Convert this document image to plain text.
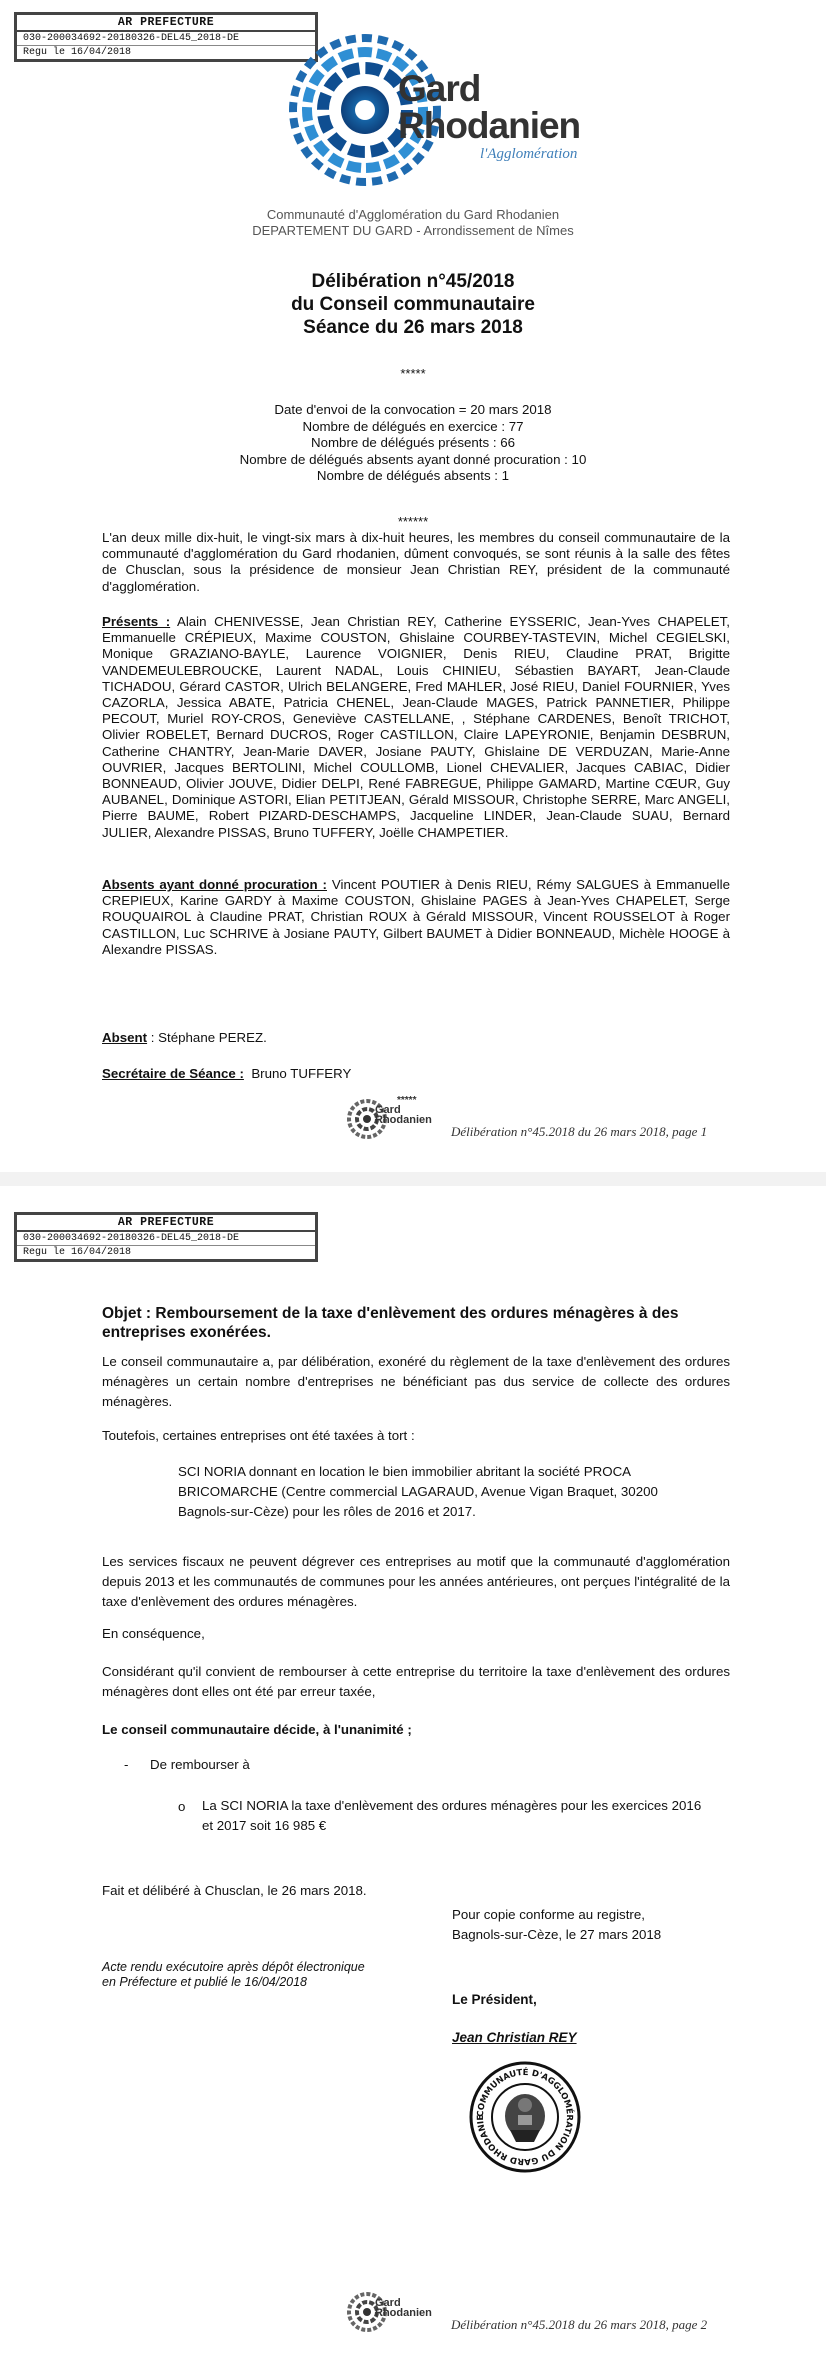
AR PREFECTURE
030-200034692-20180326-DEL45_2018-DE
Regu le 16/04/2018
Gard
Rhodanien
l'Agglomération
Communauté d'Agglomération du Gard Rhodanien
DEPARTEMENT DU GARD - Arrondissement de Nîmes
Délibération n°45/2018
du Conseil communautaire
Séance du 26 mars 2018
*****
Date d'envoi de la convocation = 20 mars 2018
Nombre de délégués en exercice : 77
Nombre de délégués présents : 66
Nombre de délégués absents ayant donné procuration : 10
Nombre de délégués absents : 1
******
L'an deux mille dix-huit, le vingt-six mars à dix-huit heures, les membres du conseil communautaire de la communauté d'agglomération du Gard rhodanien, dûment convoqués, se sont réunis à la salle des fêtes de Chusclan, sous la présidence de monsieur Jean Christian REY, président de la communauté d'agglomération.
Présents : Alain CHENIVESSE, Jean Christian REY, Catherine EYSSERIC, Jean-Yves CHAPELET, Emmanuelle CRÉPIEUX, Maxime COUSTON, Ghislaine COURBEY-TASTEVIN, Michel CEGIELSKI, Monique GRAZIANO-BAYLE, Laurence VOIGNIER, Denis RIEU, Claudine PRAT, Brigitte VANDEMEULEBROUCKE, Laurent NADAL, Louis CHINIEU, Sébastien BAYART, Jean-Claude TICHADOU, Gérard CASTOR, Ulrich BELANGERE, Fred MAHLER, José RIEU, Daniel FOURNIER, Yves CAZORLA, Jessica ABATE, Patricia CHENEL, Jean-Claude MAGES, Patrick PANNETIER, Philippe PECOUT, Muriel ROY-CROS, Geneviève CASTELLANE, , Stéphane CARDENES, Benoît TRICHOT, Olivier ROBELET, Bernard DUCROS, Roger CASTILLON, Claire LAPEYRONIE, Benjamin DESBRUN, Catherine CHANTRY, Jean-Marie DAVER, Josiane PAUTY, Ghislaine DE VERDUZAN, Marie-Anne OUVRIER, Jacques BERTOLINI, Michel COULLOMB, Lionel CHEVALIER, Jacques CABIAC, Didier BONNEAUD, Olivier JOUVE, Didier DELPI, René FABREGUE, Philippe GAMARD, Martine CŒUR, Guy AUBANEL, Dominique ASTORI, Elian PETITJEAN, Gérald MISSOUR, Christophe SERRE, Marc ANGELI, Pierre BAUME, Robert PIZARD-DESCHAMPS, Jacqueline LINDER, Jean-Claude SUAU, Bernard JULIER, Alexandre PISSAS, Bruno TUFFERY, Joëlle CHAMPETIER.
Absents ayant donné procuration : Vincent POUTIER à Denis RIEU, Rémy SALGUES à Emmanuelle CREPIEUX, Karine GARDY à Maxime COUSTON, Ghislaine PAGES à Jean-Yves CHAPELET, Serge ROUQUAIROL à Claudine PRAT, Christian ROUX à Gérald MISSOUR, Vincent ROUSSELOT à Roger CASTILLON, Luc SCHRIVE à Josiane PAUTY, Gilbert BAUMET à Didier BONNEAUD, Michèle HOOGE à Alexandre PISSAS.
Absent : Stéphane PEREZ.
Secrétaire de Séance : Bruno TUFFERY
Gard
Rhodanien
*****
Délibération n°45.2018 du 26 mars 2018, page 1
AR PREFECTURE
030-200034692-20180326-DEL45_2018-DE
Regu le 16/04/2018
Objet : Remboursement de la taxe d'enlèvement des ordures ménagères à des entreprises exonérées.
Le conseil communautaire a, par délibération, exonéré du règlement de la taxe d'enlèvement des ordures ménagères un certain nombre d'entreprises ne bénéficiant pas dus service de collecte des ordures ménagères.
Toutefois, certaines entreprises ont été taxées à tort :
SCI NORIA donnant en location le bien immobilier abritant la société PROCA BRICOMARCHE (Centre commercial LAGARAUD, Avenue Vigan Braquet, 30200 Bagnols-sur-Cèze) pour les rôles de 2016 et 2017.
Les services fiscaux ne peuvent dégrever ces entreprises au motif que la communauté d'agglomération depuis 2013 et les communautés de communes pour les années antérieures, ont perçues l'intégralité de la taxe d'enlèvement des ordures ménagères.
En conséquence,
Considérant qu'il convient de rembourser à cette entreprise du territoire la taxe d'enlèvement des ordures ménagères dont elles ont été par erreur taxée,
Le conseil communautaire décide, à l'unanimité ;
- De rembourser à
o La SCI NORIA la taxe d'enlèvement des ordures ménagères pour les exercices 2016 et 2017 soit 16 985 €
Fait et délibéré à Chusclan, le 26 mars 2018.
Pour copie conforme au registre,
Bagnols-sur-Cèze, le 27 mars 2018
Acte rendu exécutoire après dépôt électronique
en Préfecture et publié le 16/04/2018
Le Président,
Jean Christian REY
COMMUNAUTÉ D'AGGLOMÉRATION DU GARD RHODANIE
Gard
Rhodanien
Délibération n°45.2018 du 26 mars 2018, page 2
